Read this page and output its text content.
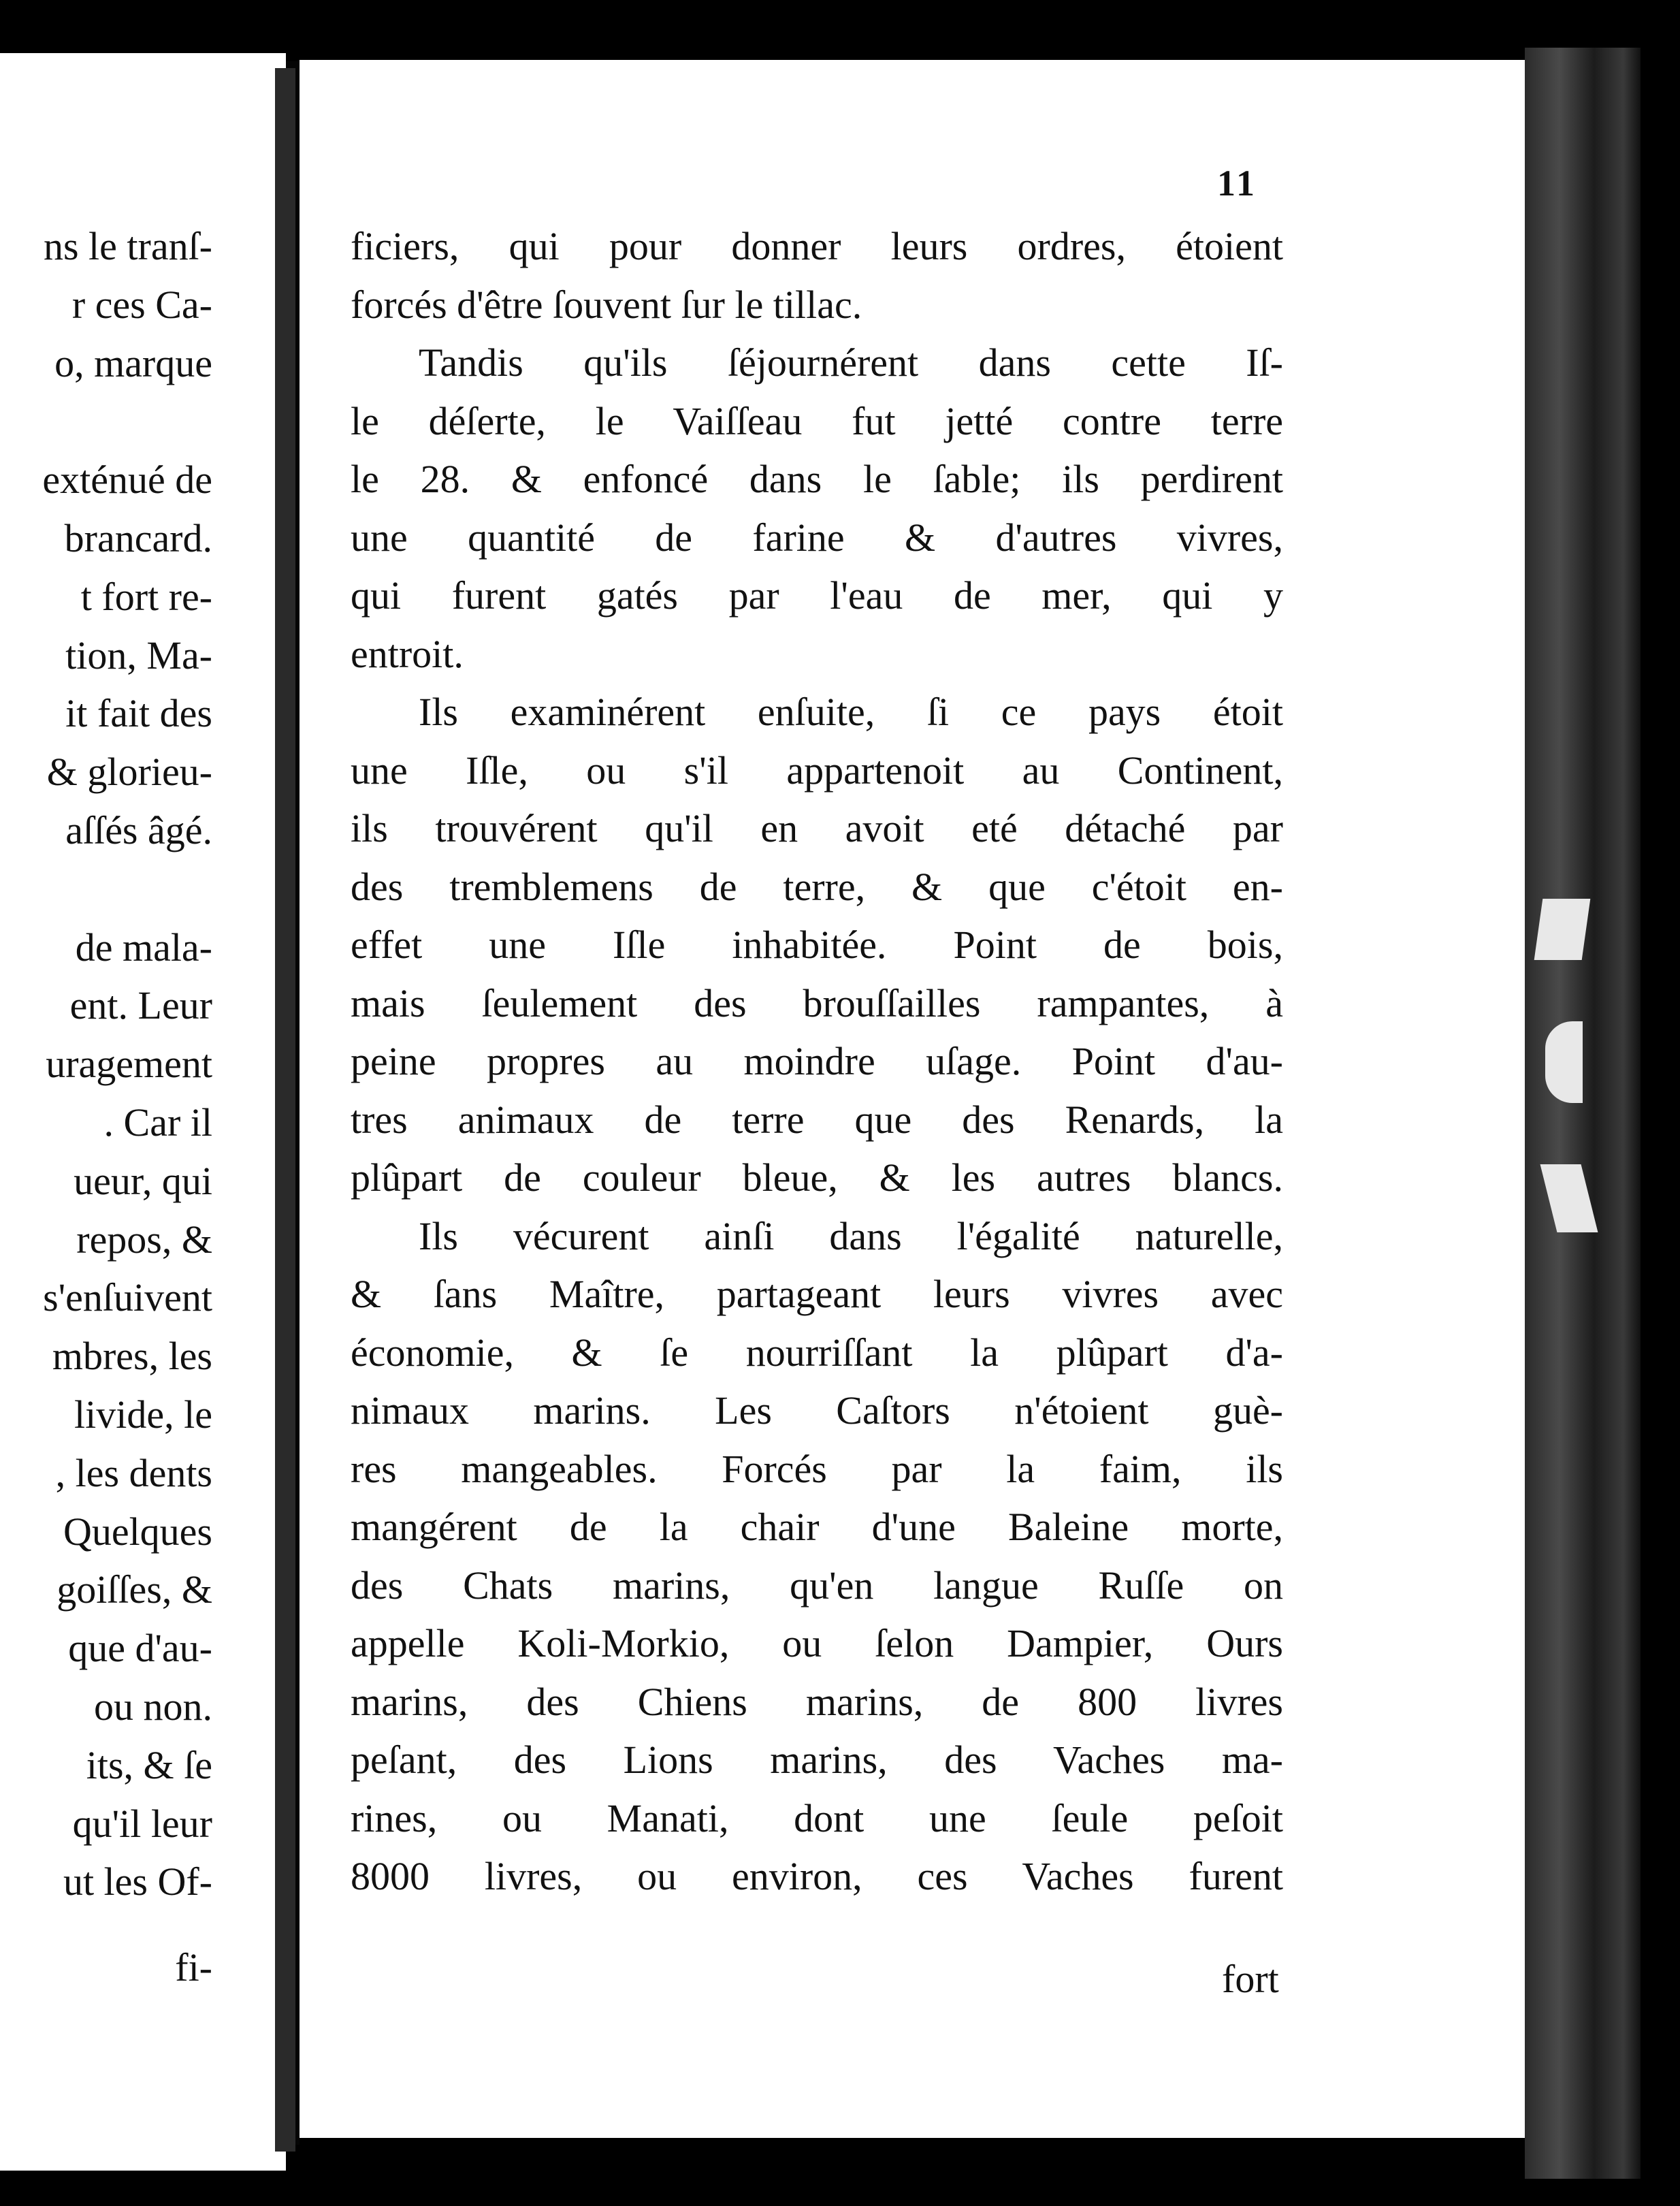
ns le tranſ-
r ces Ca-
o, marque
exténué de
brancard.
t fort re-
tion, Ma-
it fait des
& glorieu-
aſſés âgé.
de mala-
ent. Leur
uragement
. Car il
ueur, qui
repos, &
s'enſuivent
mbres, les
livide, le
, les dents
Quelques
goiſſes, &
que d'au-
ou non.
its, & ſe
qu'il leur
ut les Of-
fi-
11
ficiers, qui pour donner leurs ordres, étoient
forcés d'être ſouvent ſur le tillac.
Tandis qu'ils ſéjournérent dans cette Iſ-
le déſerte, le Vaiſſeau fut jetté contre terre
le 28. & enfoncé dans le ſable; ils perdirent
une quantité de farine & d'autres vivres,
qui furent gatés par l'eau de mer, qui y
entroit.
Ils examinérent enſuite, ſi ce pays étoit
une Iſle, ou s'il appartenoit au Continent,
ils trouvérent qu'il en avoit eté détaché par
des tremblemens de terre, & que c'étoit en-
effet une Iſle inhabitée. Point de bois,
mais ſeulement des brouſſailles rampantes, à
peine propres au moindre uſage. Point d'au-
tres animaux de terre que des Renards, la
plûpart de couleur bleue, & les autres blancs.
Ils vécurent ainſi dans l'égalité naturelle,
& ſans Maître, partageant leurs vivres avec
économie, & ſe nourriſſant la plûpart d'a-
nimaux marins. Les Caſtors n'étoient guè-
res mangeables. Forcés par la faim, ils
mangérent de la chair d'une Baleine morte,
des Chats marins, qu'en langue Ruſſe on
appelle Koli-Morkio, ou ſelon Dampier, Ours
marins, des Chiens marins, de 800 livres
peſant, des Lions marins, des Vaches ma-
rines, ou Manati, dont une ſeule peſoit
8000 livres, ou environ, ces Vaches furent
fort
